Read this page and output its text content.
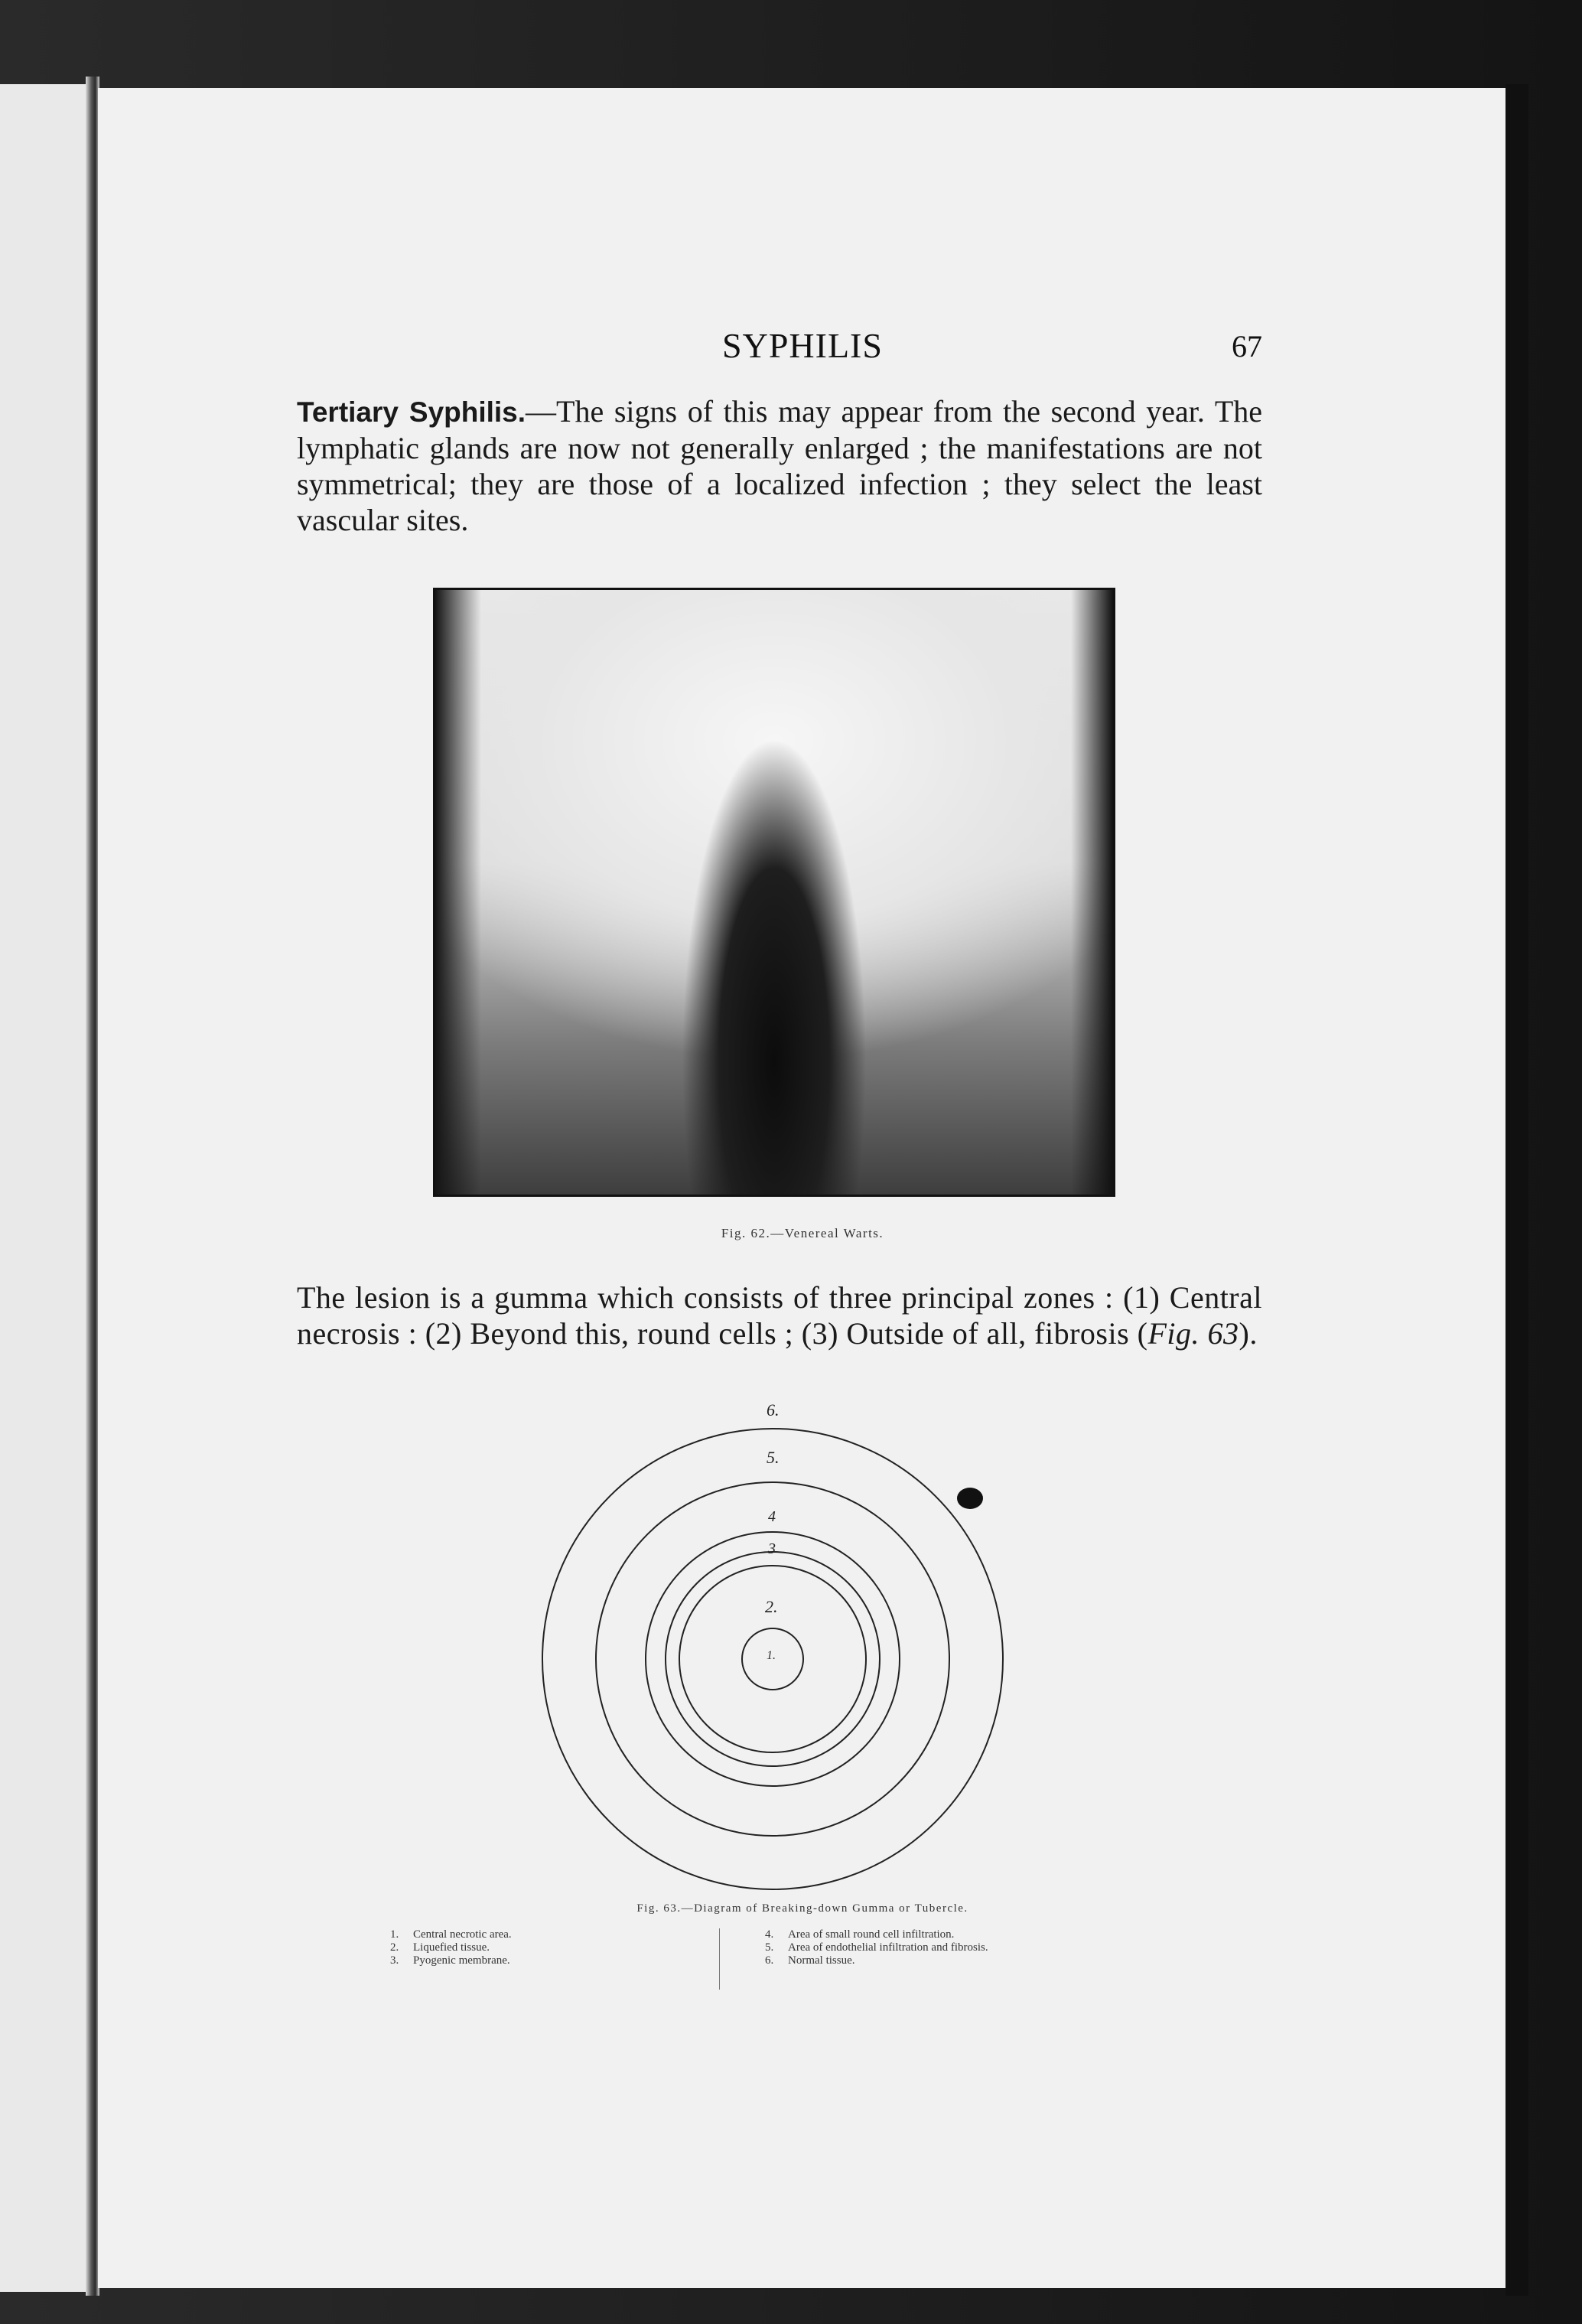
SYPHILIS	67
Tertiary Syphilis.—The signs of this may appear from the second year. The lymphatic glands are now not generally enlarged ; the manifestations are not symmetrical; they are those of a localized infection ; they select the least vascular sites.
Fig. 62.—Venereal Warts.
The lesion is a gumma which consists of three principal zones : (1) Central necrosis : (2) Beyond this, round cells ; (3) Outside of all, fibrosis (Fig. 63).
6.
5.
4
3
2.
1.
Fig. 63.—Diagram of Breaking-down Gumma or Tubercle.
1. Central necrotic area.
2. Liquefied tissue.
3. Pyogenic membrane.
4. Area of small round cell infiltration.
5. Area of endothelial infiltration and fibrosis.
6. Normal tissue.
